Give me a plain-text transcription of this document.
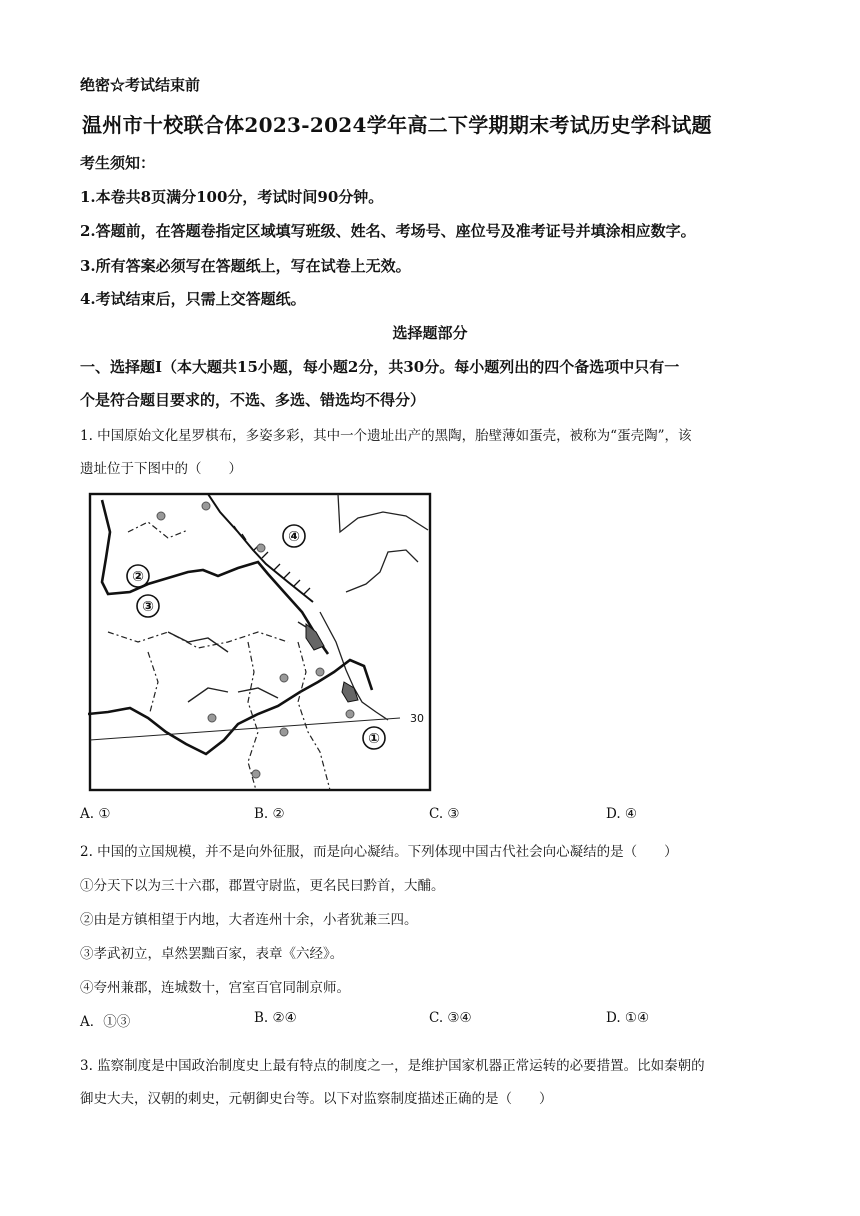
绝密☆考试结束前
温州市十校联合体2023-2024学年高二下学期期末考试历史学科试题
考生须知：
1.本卷共8页满分100分，考试时间90分钟。
2.答题前，在答题卷指定区域填写班级、姓名、考场号、座位号及准考证号并填涂相应数字。
3.所有答案必须写在答题纸上，写在试卷上无效。
4.考试结束后，只需上交答题纸。
选择题部分
一、选择题Ⅰ（本大题共15小题，每小题2分，共30分。每小题列出的四个备选项中只有一
个是符合题目要求的，不选、多选、错选均不得分）
1. 中国原始文化星罗棋布，多姿多彩，其中一个遗址出产的黑陶，胎壁薄如蛋壳，被称为“蛋壳陶”，该
遗址位于下图中的（　　）
④
②
③
①
30
A. ①	B. ②	C. ③	D. ④
2. 中国的立国规模，并不是向外征服，而是向心凝结。下列体现中国古代社会向心凝结的是（　　）
①分天下以为三十六郡，郡置守尉监，更名民曰黔首，大酺。
②由是方镇相望于内地，大者连州十余，小者犹兼三四。
③孝武初立，卓然罢黜百家，表章《六经》。
④夸州兼郡，连城数十，宫室百官同制京师。
A．①③	B. ②④	C. ③④	D. ①④
3. 监察制度是中国政治制度史上最有特点的制度之一，是维护国家机器正常运转的必要措置。比如秦朝的
御史大夫，汉朝的刺史，元朝御史台等。以下对监察制度描述正确的是（　　）
